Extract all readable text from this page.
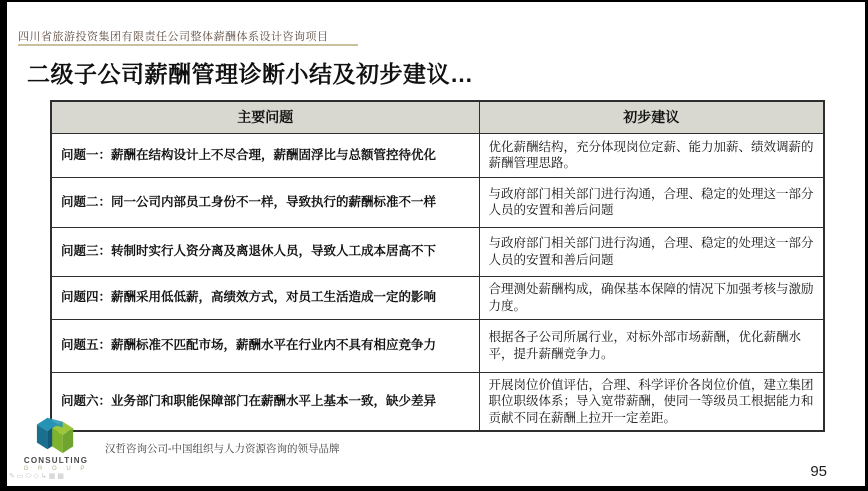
四川省旅游投资集团有限责任公司整体薪酬体系设计咨询项目
二级子公司薪酬管理诊断小结及初步建议…
主要问题	初步建议
问题一：薪酬在结构设计上不尽合理，薪酬固浮比与总额管控待优化	优化薪酬结构，充分体现岗位定薪、能力加薪、绩效调薪的薪酬管理思路。
问题二：同一公司内部员工身份不一样，导致执行的薪酬标准不一样	与政府部门相关部门进行沟通，合理、稳定的处理这一部分人员的安置和善后问题
问题三：转制时实行人资分离及离退休人员，导致人工成本居高不下	与政府部门相关部门进行沟通，合理、稳定的处理这一部分人员的安置和善后问题
问题四：薪酬采用低低薪，高绩效方式，对员工生活造成一定的影响	合理测处薪酬构成，确保基本保障的情况下加强考核与激励力度。
问题五：薪酬标准不匹配市场，薪酬水平在行业内不具有相应竞争力	根据各子公司所属行业，对标外部市场薪酬，优化薪酬水平，提升薪酬竞争力。
问题六：业务部门和职能保障部门在薪酬水平上基本一致，缺少差异	开展岗位价值评估，合理、科学评价各岗位价值，建立集团职位职级体系；导入宽带薪酬，使同一等级员工根据能力和贡献不同在薪酬上拉开一定差距。
CONSULTING
G R O U P
汉哲咨询公司-中国组织与人力资源咨询的领导品牌
✎ ▭ ⬭ ◇ ↳ ▦ ▩	95
